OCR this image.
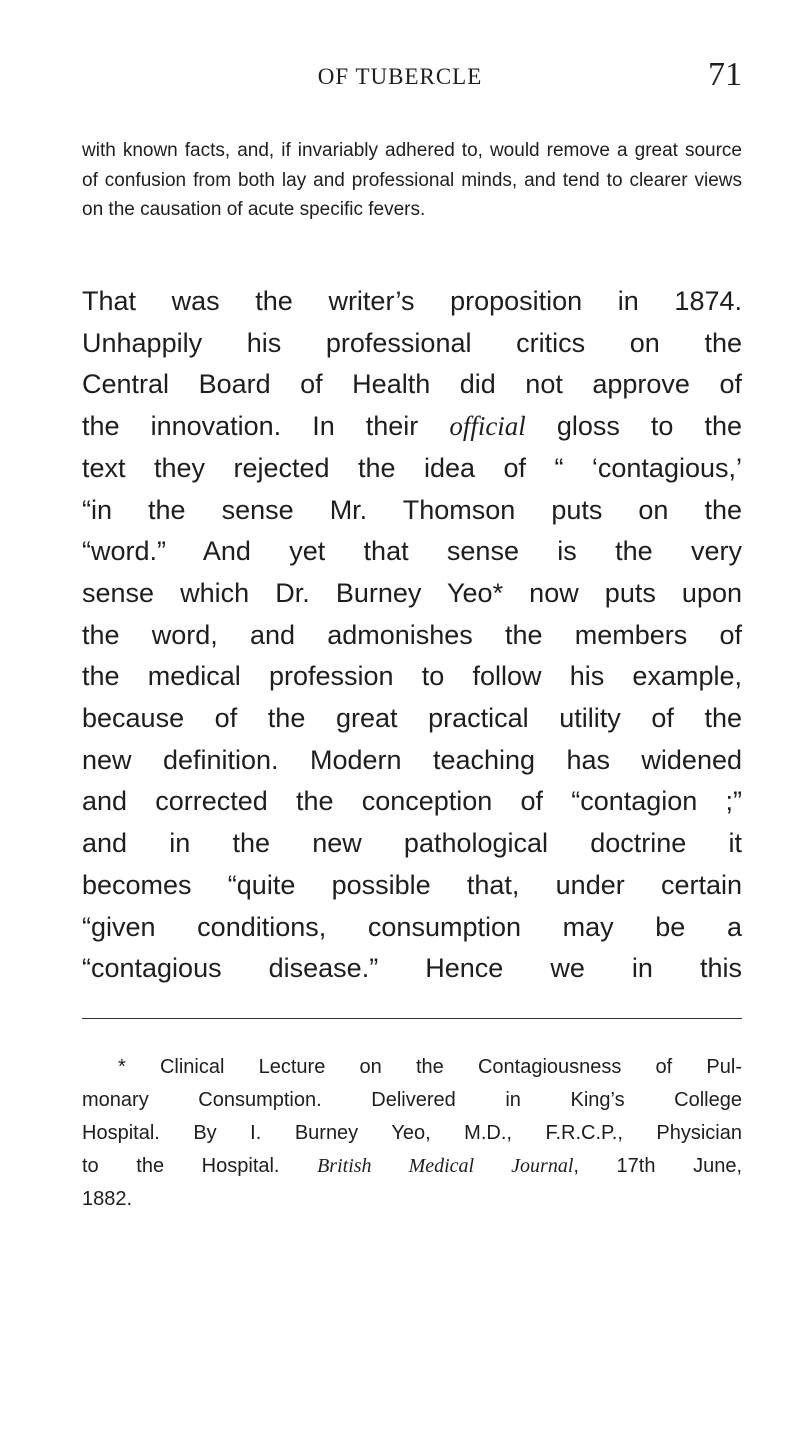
OF TUBERCLE	71

with known facts, and, if invariably adhered to, would remove a great source of confusion from both lay and professional minds, and tend to clearer views on the causation of acute specific fevers.

That was the writer’s proposition in 1874.
Unhappily his professional critics on the
Central Board of Health did not approve of
the innovation. In their official gloss to the
text they rejected the idea of “ ‘contagious,’
“in the sense Mr. Thomson puts on the
“word.” And yet that sense is the very
sense which Dr. Burney Yeo* now puts upon
the word, and admonishes the members of
the medical profession to follow his example,
because of the great practical utility of the
new definition. Modern teaching has widened
and corrected the conception of “contagion ;”
and in the new pathological doctrine it
becomes “quite possible that, under certain
“given conditions, consumption may be a
“contagious disease.” Hence we in this

* Clinical Lecture on the Contagiousness of Pul-
monary Consumption. Delivered in King’s College
Hospital. By I. Burney Yeo, M.D., F.R.C.P., Physician
to the Hospital. British Medical Journal, 17th June,
1882.
